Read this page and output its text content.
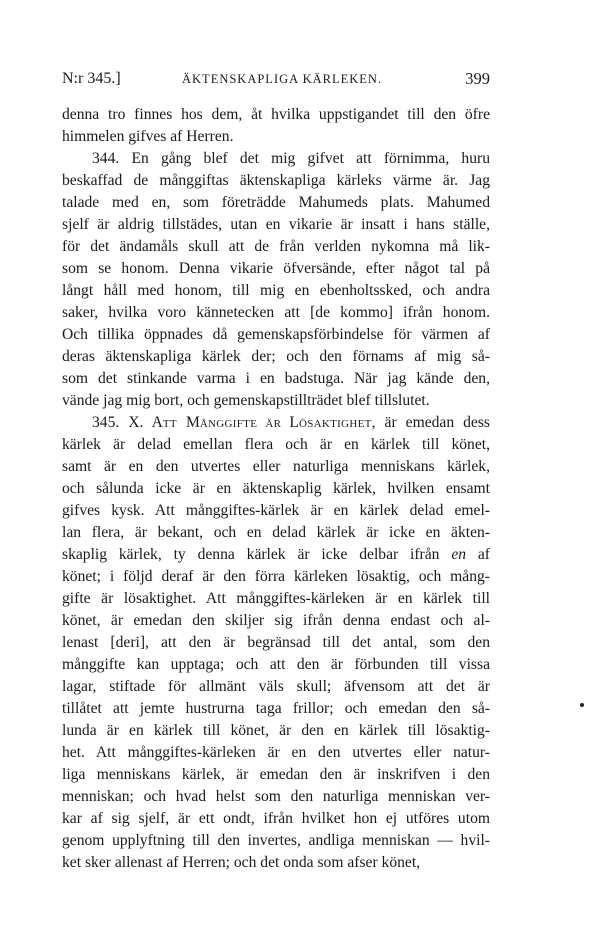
N:r 345.]	ÄKTENSKAPLIGA KÄRLEKEN.	399
denna tro finnes hos dem, åt hvilka uppstigandet till den öfre
himmelen gifves af Herren.
344. En gång blef det mig gifvet att förnimma, huru
beskaffad de månggiftas äktenskapliga kärleks värme är. Jag
talade med en, som företrädde Mahumeds plats. Mahumed
sjelf är aldrig tillstädes, utan en vikarie är insatt i hans ställe,
för det ändamåls skull att de från verlden nykomna må lik-
som se honom. Denna vikarie öfversände, efter något tal på
långt håll med honom, till mig en ebenholtssked, och andra
saker, hvilka voro kännetecken att [de kommo] ifrån honom.
Och tillika öppnades då gemenskapsförbindelse för värmen af
deras äktenskapliga kärlek der; och den förnams af mig så-
som det stinkande varma i en badstuga. När jag kände den,
vände jag mig bort, och gemenskapstillträdet blef tillslutet.
345. X. ATT MÅNGGIFTE ÄR LÖSAKTIGHET, är emedan dess
kärlek är delad emellan flera och är en kärlek till könet,
samt är en den utvertes eller naturliga menniskans kärlek,
och sålunda icke är en äktenskaplig kärlek, hvilken ensamt
gifves kysk. Att månggiftes-kärlek är en kärlek delad emel-
lan flera, är bekant, och en delad kärlek är icke en äkten-
skaplig kärlek, ty denna kärlek är icke delbar ifrån en af
könet; i följd deraf är den förra kärleken lösaktig, och mång-
gifte är lösaktighet. Att månggiftes-kärleken är en kärlek till
könet, är emedan den skiljer sig ifrån denna endast och al-
lenast [deri], att den är begränsad till det antal, som den
månggifte kan upptaga; och att den är förbunden till vissa
lagar, stiftade för allmänt väls skull; äfvensom att det är
tillåtet att jemte hustrurna taga frillor; och emedan den så-
lunda är en kärlek till könet, är den en kärlek till lösaktig-
het. Att månggiftes-kärleken är en den utvertes eller natur-
liga menniskans kärlek, är emedan den är inskrifven i den
menniskan; och hvad helst som den naturliga menniskan ver-
kar af sig sjelf, är ett ondt, ifrån hvilket hon ej utföres utom
genom upplyftning till den invertes, andliga menniskan — hvil-
ket sker allenast af Herren; och det onda som afser könet,
